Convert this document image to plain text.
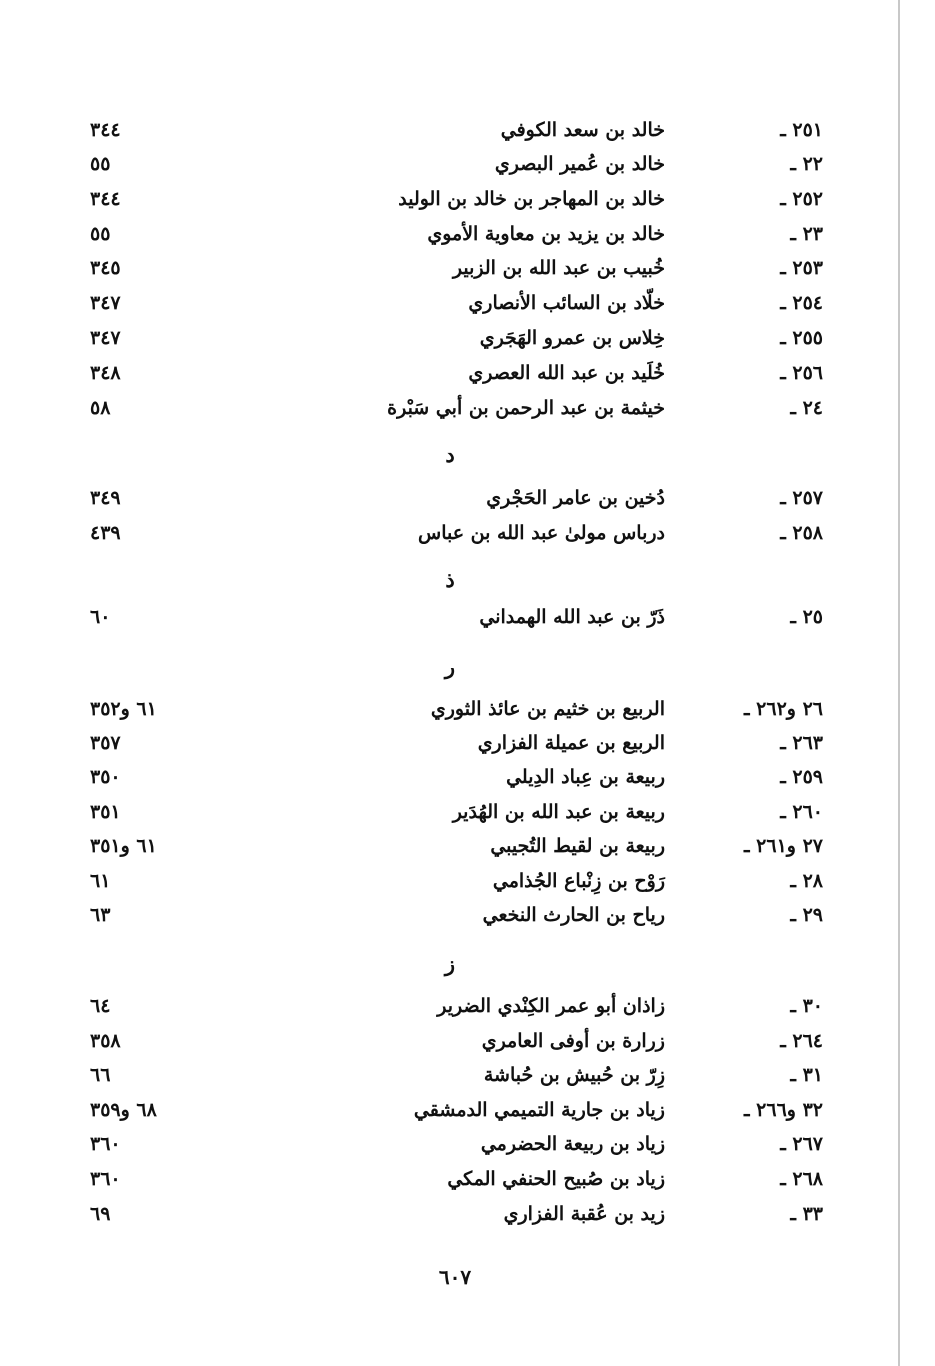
٢٥١ ـ
خالد بن سعد الكوفي
٣٤٤
٢٢ ـ
خالد بن عُمير البصري
٥٥
٢٥٢ ـ
خالد بن المهاجر بن خالد بن الوليد
٣٤٤
٢٣ ـ
خالد بن يزيد بن معاوية الأموي
٥٥
٢٥٣ ـ
خُبيب بن عبد الله بن الزبير
٣٤٥
٢٥٤ ـ
خلّاد بن السائب الأنصاري
٣٤٧
٢٥٥ ـ
خِلاس بن عمرو الهَجَري
٣٤٧
٢٥٦ ـ
خُلَيد بن عبد الله العصري
٣٤٨
٢٤ ـ
خيثمة بن عبد الرحمن بن أبي سَبْرة
٥٨
د
٢٥٧ ـ
دُخين بن عامر الحَجْري
٣٤٩
٢٥٨ ـ
درباس مولىٰ عبد الله بن عباس
٤٣٩
ذ
٢٥ ـ
ذَرّ بن عبد الله الهمداني
٦٠
ر
٢٦ و٢٦٢ ـ
الربيع بن خثيم بن عائذ الثوري
٦١ و٣٥٢
٢٦٣ ـ
الربيع بن عميلة الفزاري
٣٥٧
٢٥٩ ـ
ربيعة بن عِباد الدِيلي
٣٥٠
٢٦٠ ـ
ربيعة بن عبد الله بن الهُدَير
٣٥١
٢٧ و٢٦١ ـ
ربيعة بن لقيط التُجيبي
٦١ و٣٥١
٢٨ ـ
رَوْح بن زِنْباع الجُذامي
٦١
٢٩ ـ
رياح بن الحارث النخعي
٦٣
ز
٣٠ ـ
زاذان أبو عمر الكِنْدي الضرير
٦٤
٢٦٤ ـ
زرارة بن أوفى العامري
٣٥٨
٣١ ـ
زِرّ بن حُبيش بن حُباشة
٦٦
٣٢ و٢٦٦ ـ
زياد بن جارية التميمي الدمشقي
٦٨ و٣٥٩
٢٦٧ ـ
زياد بن ربيعة الحضرمي
٣٦٠
٢٦٨ ـ
زياد بن صُبيح الحنفي المكي
٣٦٠
٣٣ ـ
زيد بن عُقبة الفزاري
٦٩
٦٠٧
